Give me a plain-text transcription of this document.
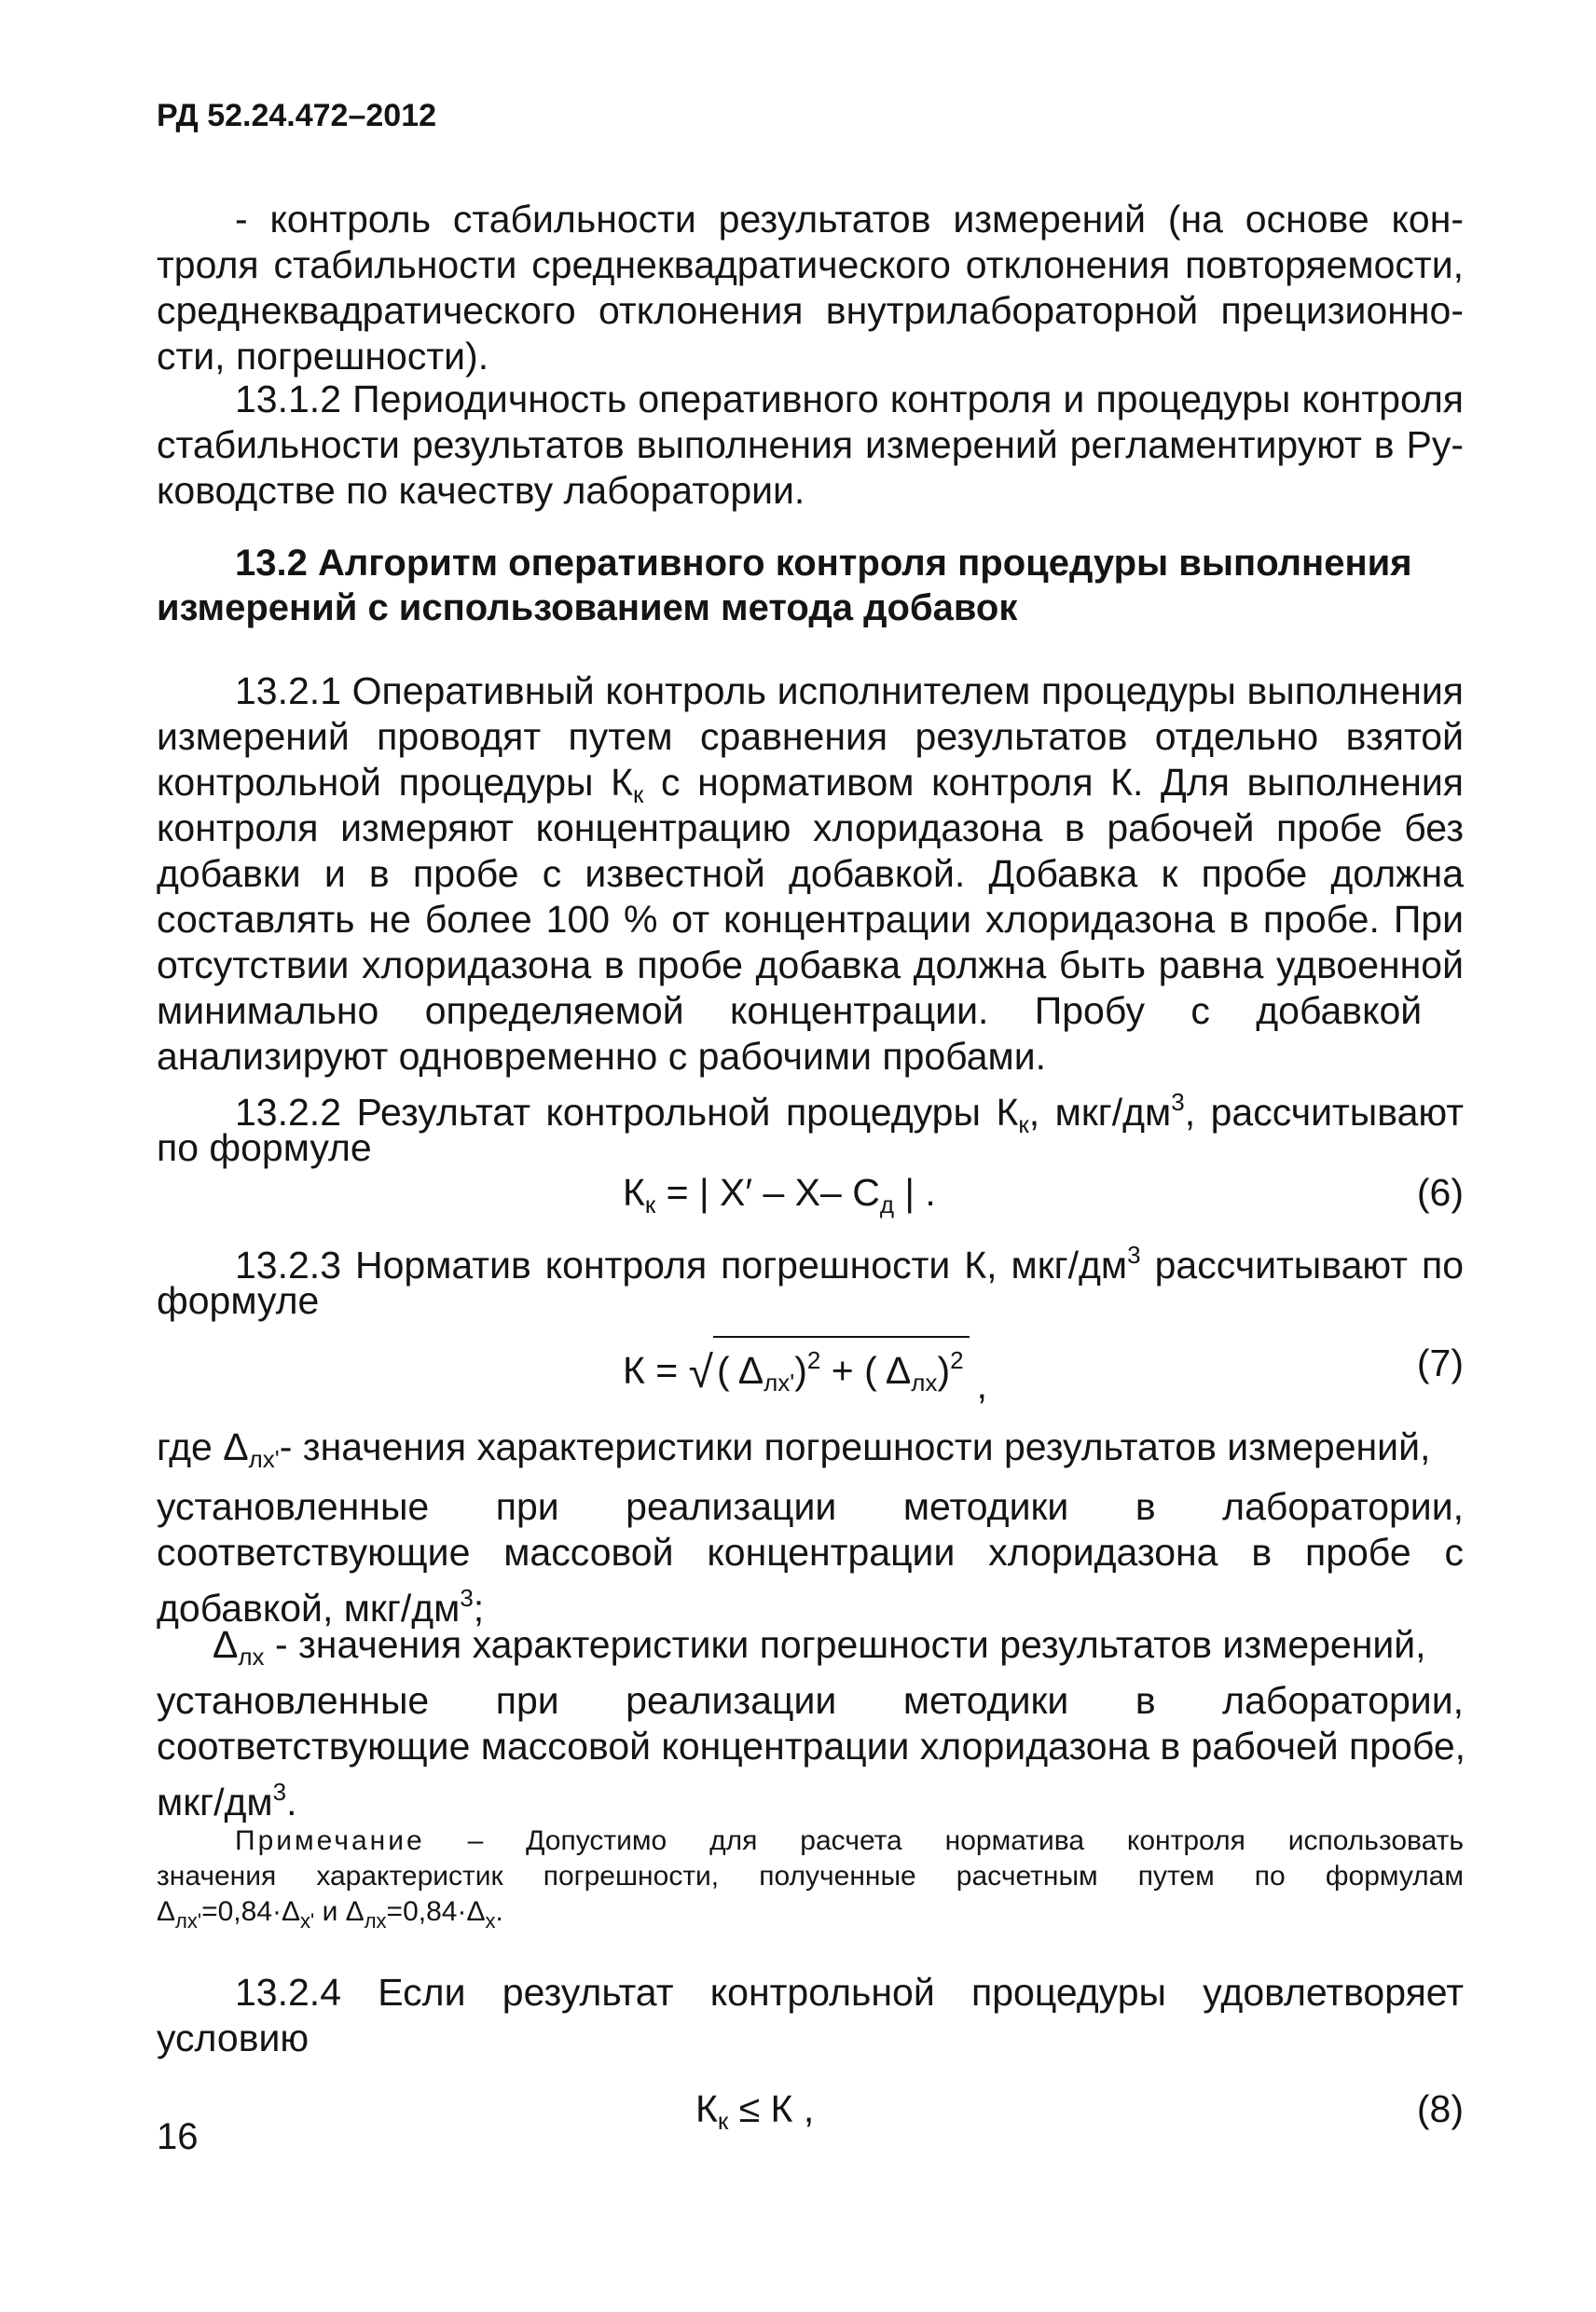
РД 52.24.472–2012
- контроль стабильности результатов измерений (на основе кон-
троля стабильности среднеквадратического отклонения повторяемости,
среднеквадратического отклонения внутрилабораторной прецизионно-
сти, погрешности).
13.1.2 Периодичность оперативного контроля и процедуры контроля
стабильности результатов выполнения измерений регламентируют в Ру-
ководстве по качеству лаборатории.
13.2 Алгоритм оперативного контроля процедуры выполнения
измерений с использованием метода добавок
13.2.1 Оперативный контроль исполнителем процедуры выполнения
измерений проводят путем сравнения результатов отдельно взятой
контрольной процедуры $К_к$ с нормативом контроля К. Для выполнения
контроля измеряют концентрацию хлоридазона в рабочей пробе без
добавки и в пробе с известной добавкой. Добавка к пробе должна
составлять не более 100 % от концентрации хлоридазона в пробе. При
отсутствии хлоридазона в пробе добавка должна быть равна удвоенной
минимально определяемой концентрации. Пробу с добавкой
анализируют одновременно с рабочими пробами.
13.2.2 Результат контрольной процедуры $К_к$, мкг/$дм^3$, рассчитывают
по формуле
$К_к$ = | X′ – X– $С_д$ | .	(6)
13.2.3 Норматив контроля погрешности К, мкг/$дм^3$ рассчитывают по
формуле
К = √( $\Delta_{лх'})^2$ + ( $\Delta_{лх})^2$,
(7)
где $\Delta_{лх'}-$ значения характеристики погрешности результатов измерений,
установленные при реализации методики в лаборатории,
соответствующие массовой концентрации хлоридазона в пробе с
добавкой, мкг/$дм^3$;
$\Delta_{лх}$ - значения характеристики погрешности результатов измерений,
установленные при реализации методики в лаборатории,
соответствующие массовой концентрации хлоридазона в рабочей пробе,
мкг/$дм^3$.
Примечание – Допустимо для расчета норматива контроля использовать
значения характеристик погрешности, полученные расчетным путем по формулам
$\Delta_{лх'}=0,84\cdot\Delta_{х'}$ и $\Delta_{лх}=0,84\cdot\Delta_х$.
13.2.4 Если результат контрольной процедуры удовлетворяет
условию
$К_к \le К$ ,	(8)
16
